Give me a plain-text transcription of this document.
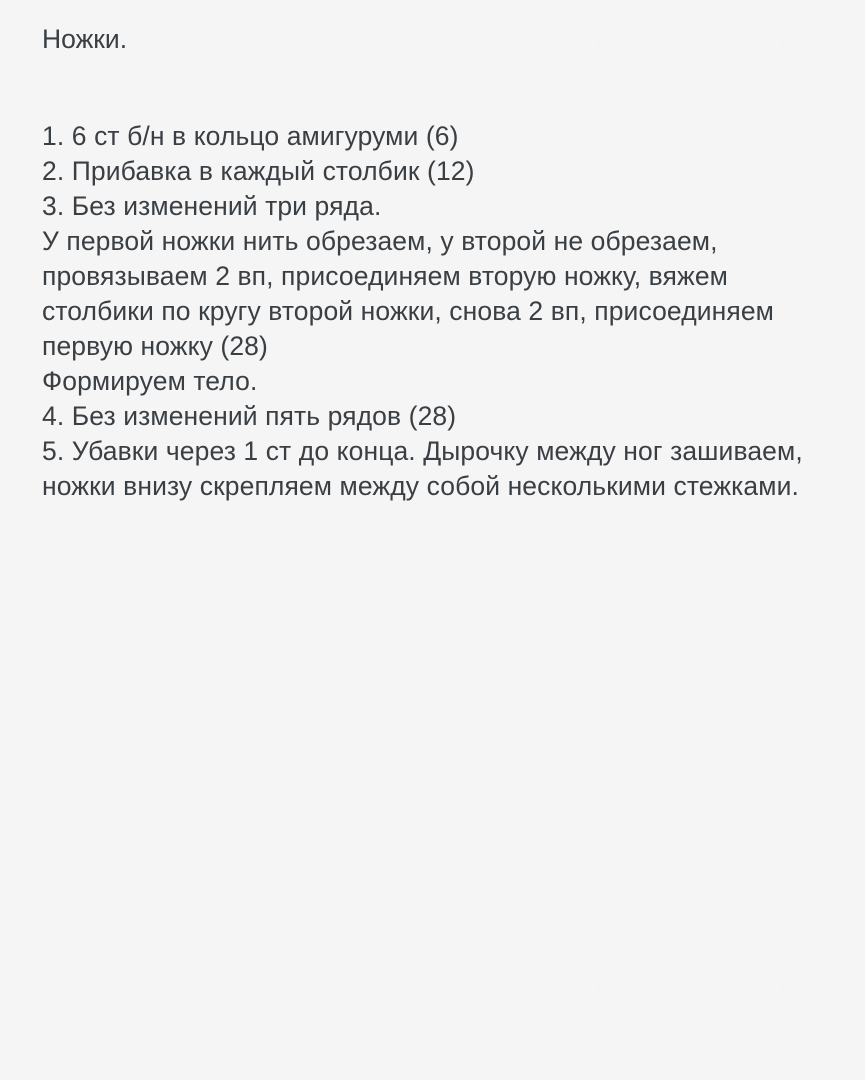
Ножки.

1. 6 ст б/н в кольцо амигуруми (6)

2. Прибавка в каждый столбик (12)

3. Без изменений три ряда.

У первой ножки нить обрезаем, у второй не обрезаем, провязываем 2 вп, присоединяем вторую ножку, вяжем столбики по кругу второй ножки, снова 2 вп, присоединяем первую ножку (28)

Формируем тело.

4. Без изменений пять рядов (28)

5. Убавки через 1 ст до конца. Дырочку между ног зашиваем, ножки внизу скрепляем между собой несколькими стежками.
